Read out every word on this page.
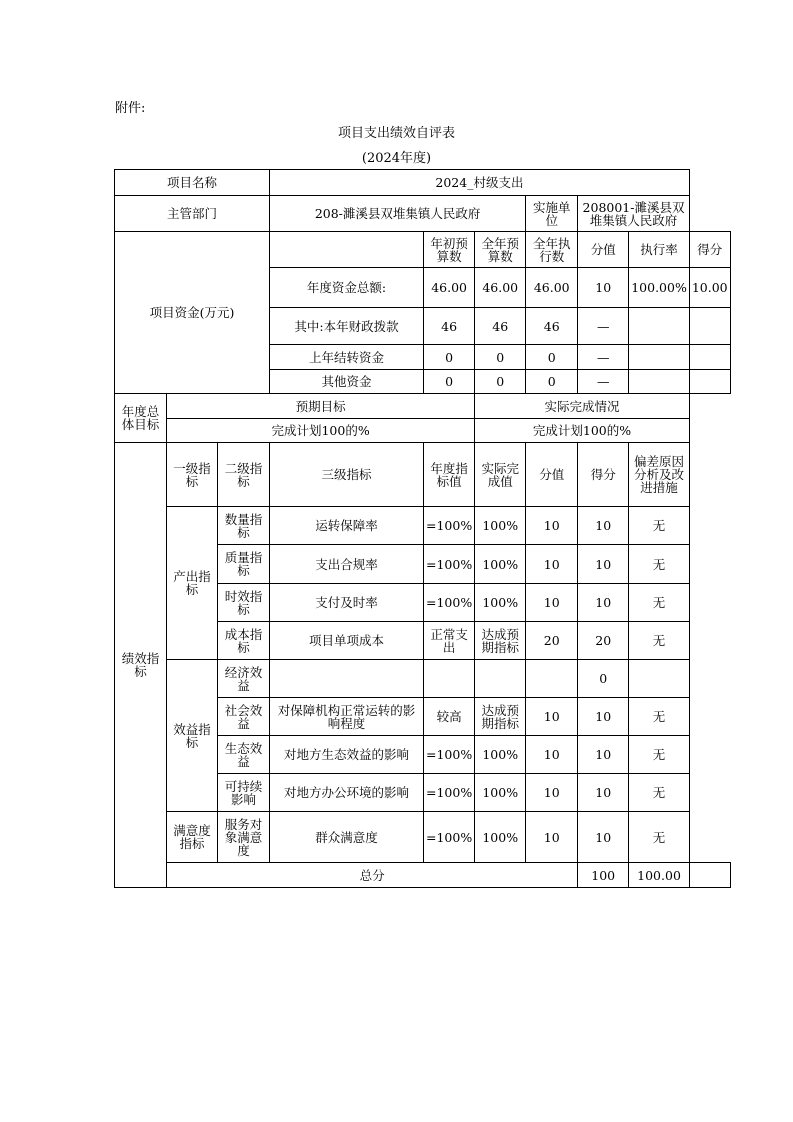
附件:
项目支出绩效自评表
(2024年度)
项目名称			2024_村级支出						
主管部门			208-濉溪县双堆集镇人民政府			实施单位	208001-濉溪县双堆集镇人民政府		
项目资金(万元)				年初预算数	全年预算数	全年执行数	分值	执行率	得分
			年度资金总额:	46.00	46.00	46.00	10	100.00%	10.00
			其中:本年财政拨款	46	46	46	—		
			上年结转资金	0	0	0	—		
			其他资金	0	0	0	—		
年度总体目标	预期目标				实际完成情况				
	完成计划100的%				完成计划100的%				
绩效指标	一级指标	二级指标	三级指标	年度指标值	实际完成值	分值	得分	偏差原因分析及改进措施	
	产出指标	数量指标	运转保障率	=100%	100%	10	10	无	
		质量指标	支出合规率	=100%	100%	10	10	无	
		时效指标	支付及时率	=100%	100%	10	10	无	
		成本指标	项目单项成本	正常支出	达成预期指标	20	20	无	
	效益指标	经济效益					0		
		社会效益	对保障机构正常运转的影响程度	较高	达成预期指标	10	10	无	
		生态效益	对地方生态效益的影响	=100%	100%	10	10	无	
		可持续影响	对地方办公环境的影响	=100%	100%	10	10	无	
	满意度指标	服务对象满意度	群众满意度	=100%	100%	10	10	无	
	总分						100	100.00	
